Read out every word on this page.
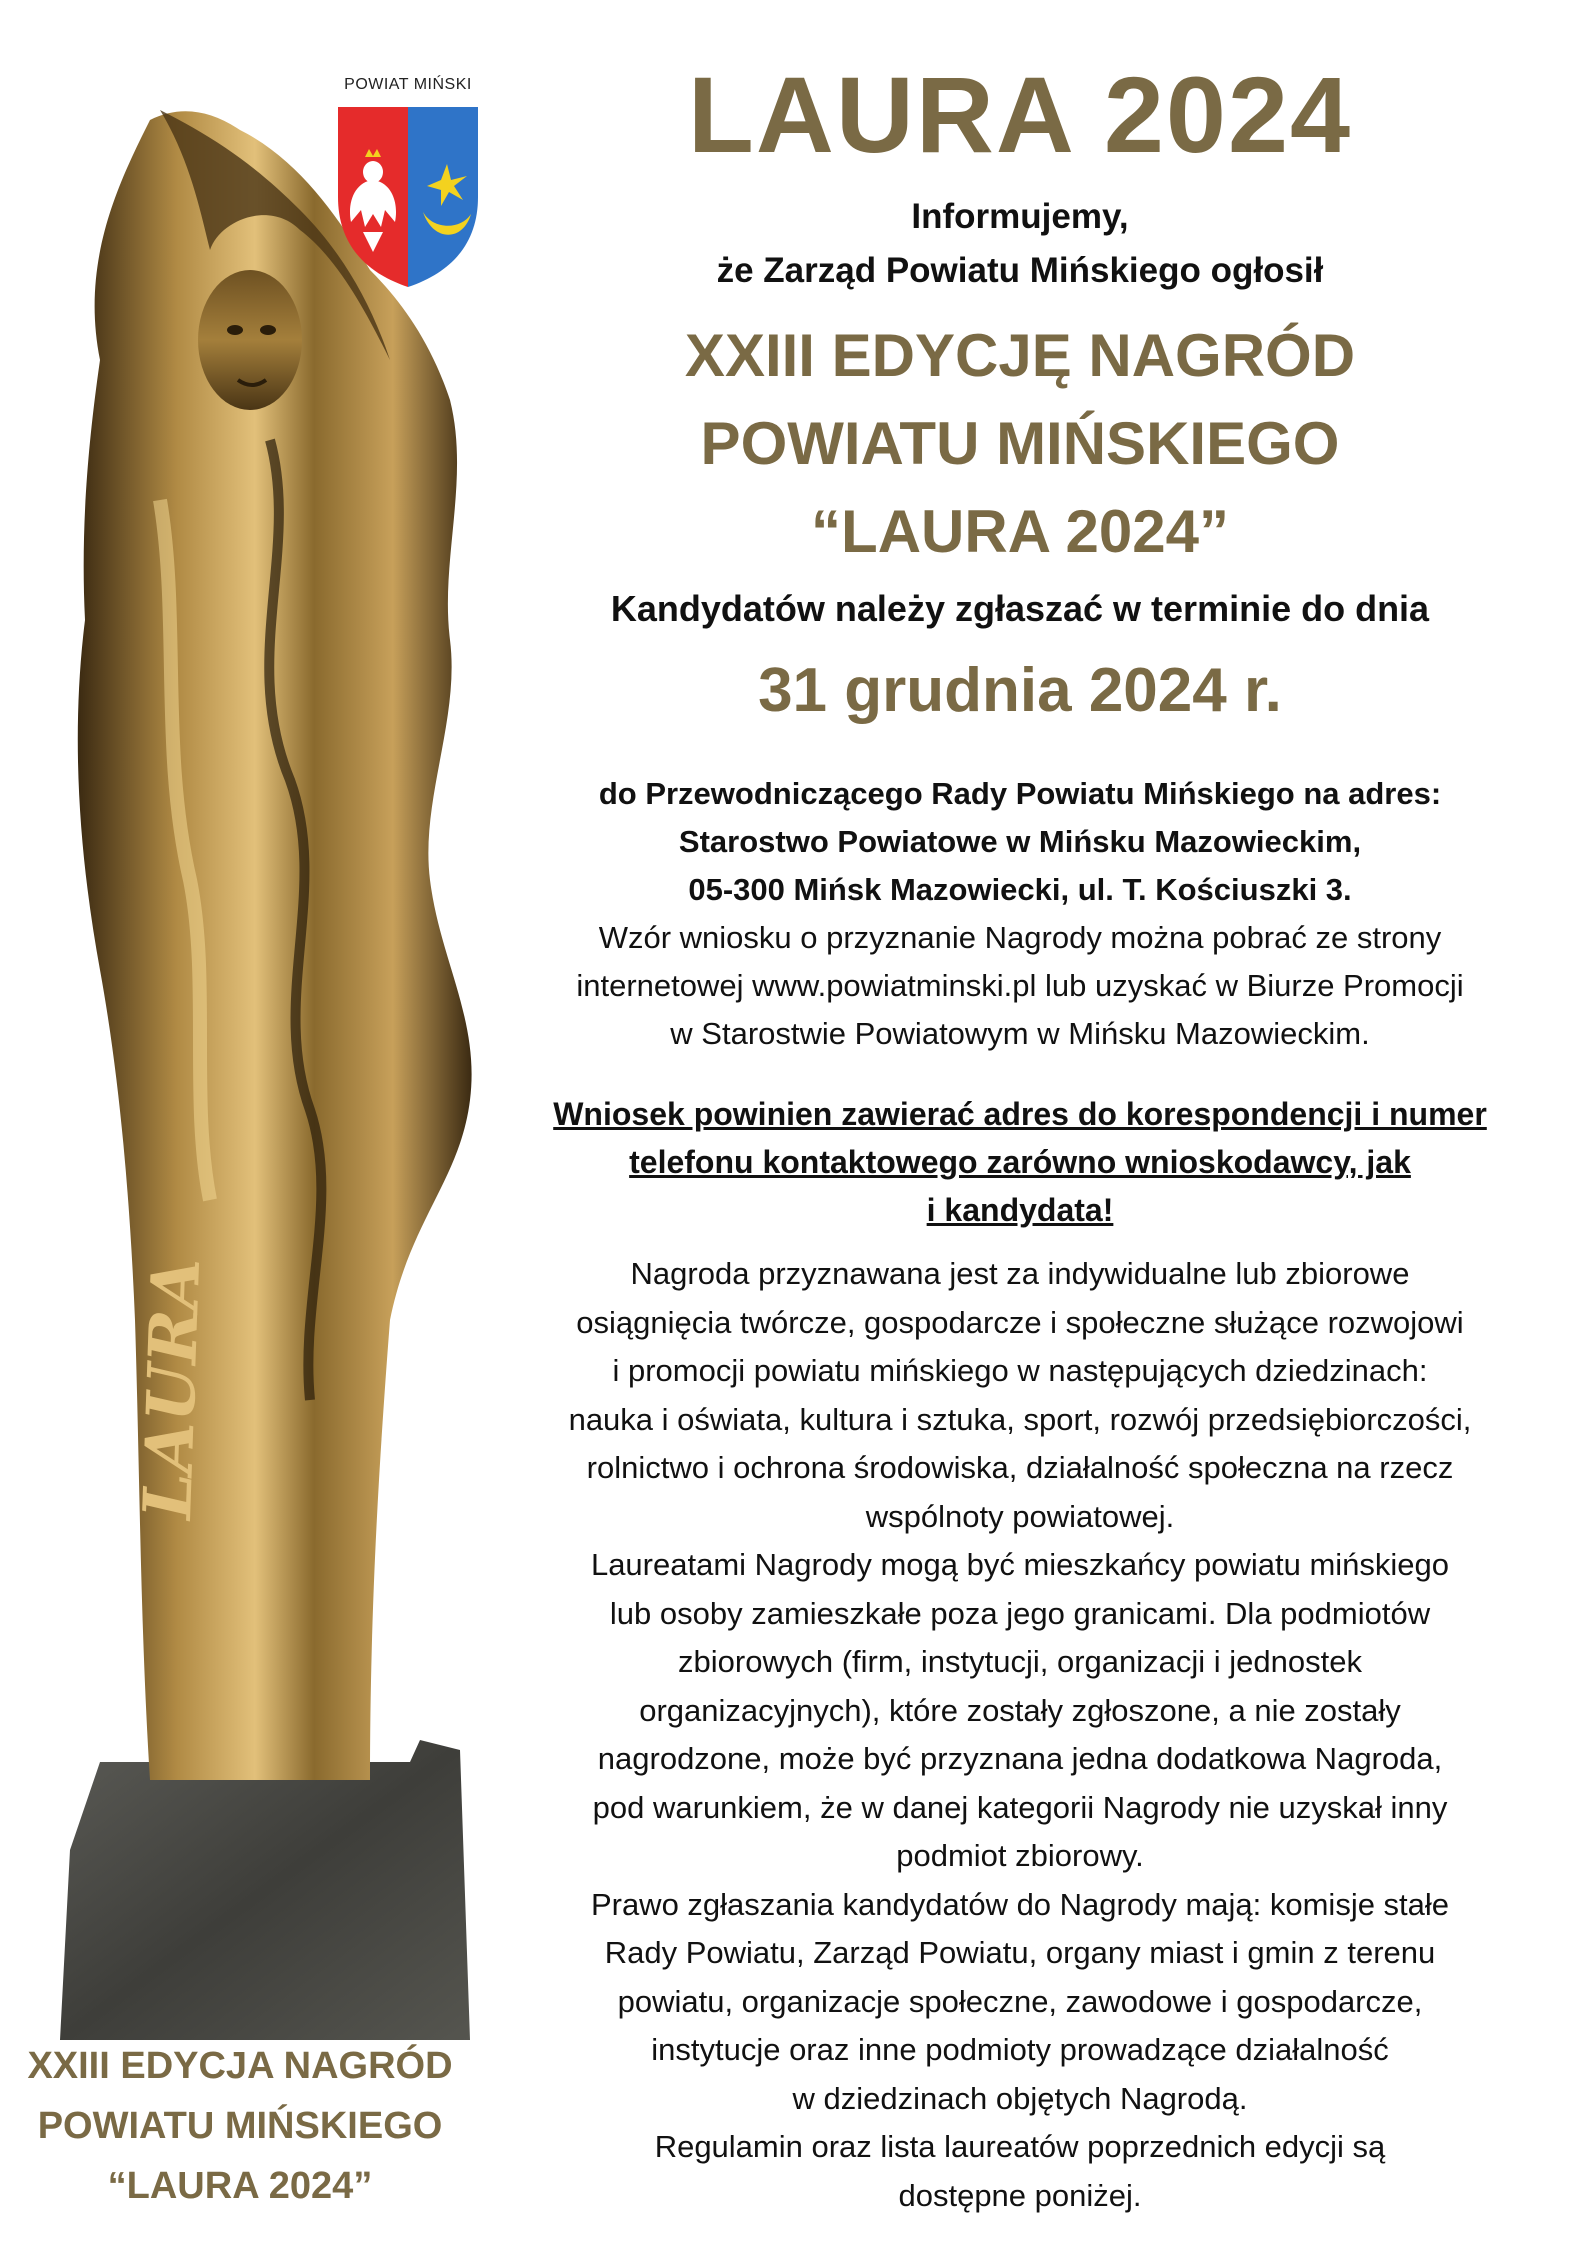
LAURA
POWIAT MIŃSKI	LAURA 2024
Informujemy,
że Zarząd Powiatu Mińskiego ogłosił
XXIII EDYCJĘ NAGRÓD
POWIATU MIŃSKIEGO
“LAURA 2024”
Kandydatów należy zgłaszać w terminie do dnia
31 grudnia 2024 r.
do Przewodniczącego Rady Powiatu Mińskiego na adres:
Starostwo Powiatowe w Mińsku Mazowieckim,
05-300 Mińsk Mazowiecki, ul. T. Kościuszki 3.
Wzór wniosku o przyznanie Nagrody można pobrać ze strony
internetowej www.powiatminski.pl lub uzyskać w Biurze Promocji
w Starostwie Powiatowym w Mińsku Mazowieckim.
Wniosek powinien zawierać adres do korespondencji i numer
telefonu kontaktowego zarówno wnioskodawcy, jak
i kandydata!
Nagroda przyznawana jest za indywidualne lub zbiorowe
osiągnięcia twórcze, gospodarcze i społeczne służące rozwojowi
i promocji powiatu mińskiego w następujących dziedzinach:
nauka i oświata, kultura i sztuka, sport, rozwój przedsiębiorczości,
rolnictwo i ochrona środowiska, działalność społeczna na rzecz
wspólnoty powiatowej.
Laureatami Nagrody mogą być mieszkańcy powiatu mińskiego
lub osoby zamieszkałe poza jego granicami. Dla podmiotów
zbiorowych (firm, instytucji, organizacji i jednostek
organizacyjnych), które zostały zgłoszone, a nie zostały
nagrodzone, może być przyznana jedna dodatkowa Nagroda,
pod warunkiem, że w danej kategorii Nagrody nie uzyskał inny
podmiot zbiorowy.
Prawo zgłaszania kandydatów do Nagrody mają: komisje stałe
Rady Powiatu, Zarząd Powiatu, organy miast i gmin z terenu
powiatu, organizacje społeczne, zawodowe i gospodarcze,
instytucje oraz inne podmioty prowadzące działalność
w dziedzinach objętych Nagrodą.
Regulamin oraz lista laureatów poprzednich edycji są
dostępne poniżej.
XXIII EDYCJA NAGRÓD
POWIATU MIŃSKIEGO
“LAURA 2024”
